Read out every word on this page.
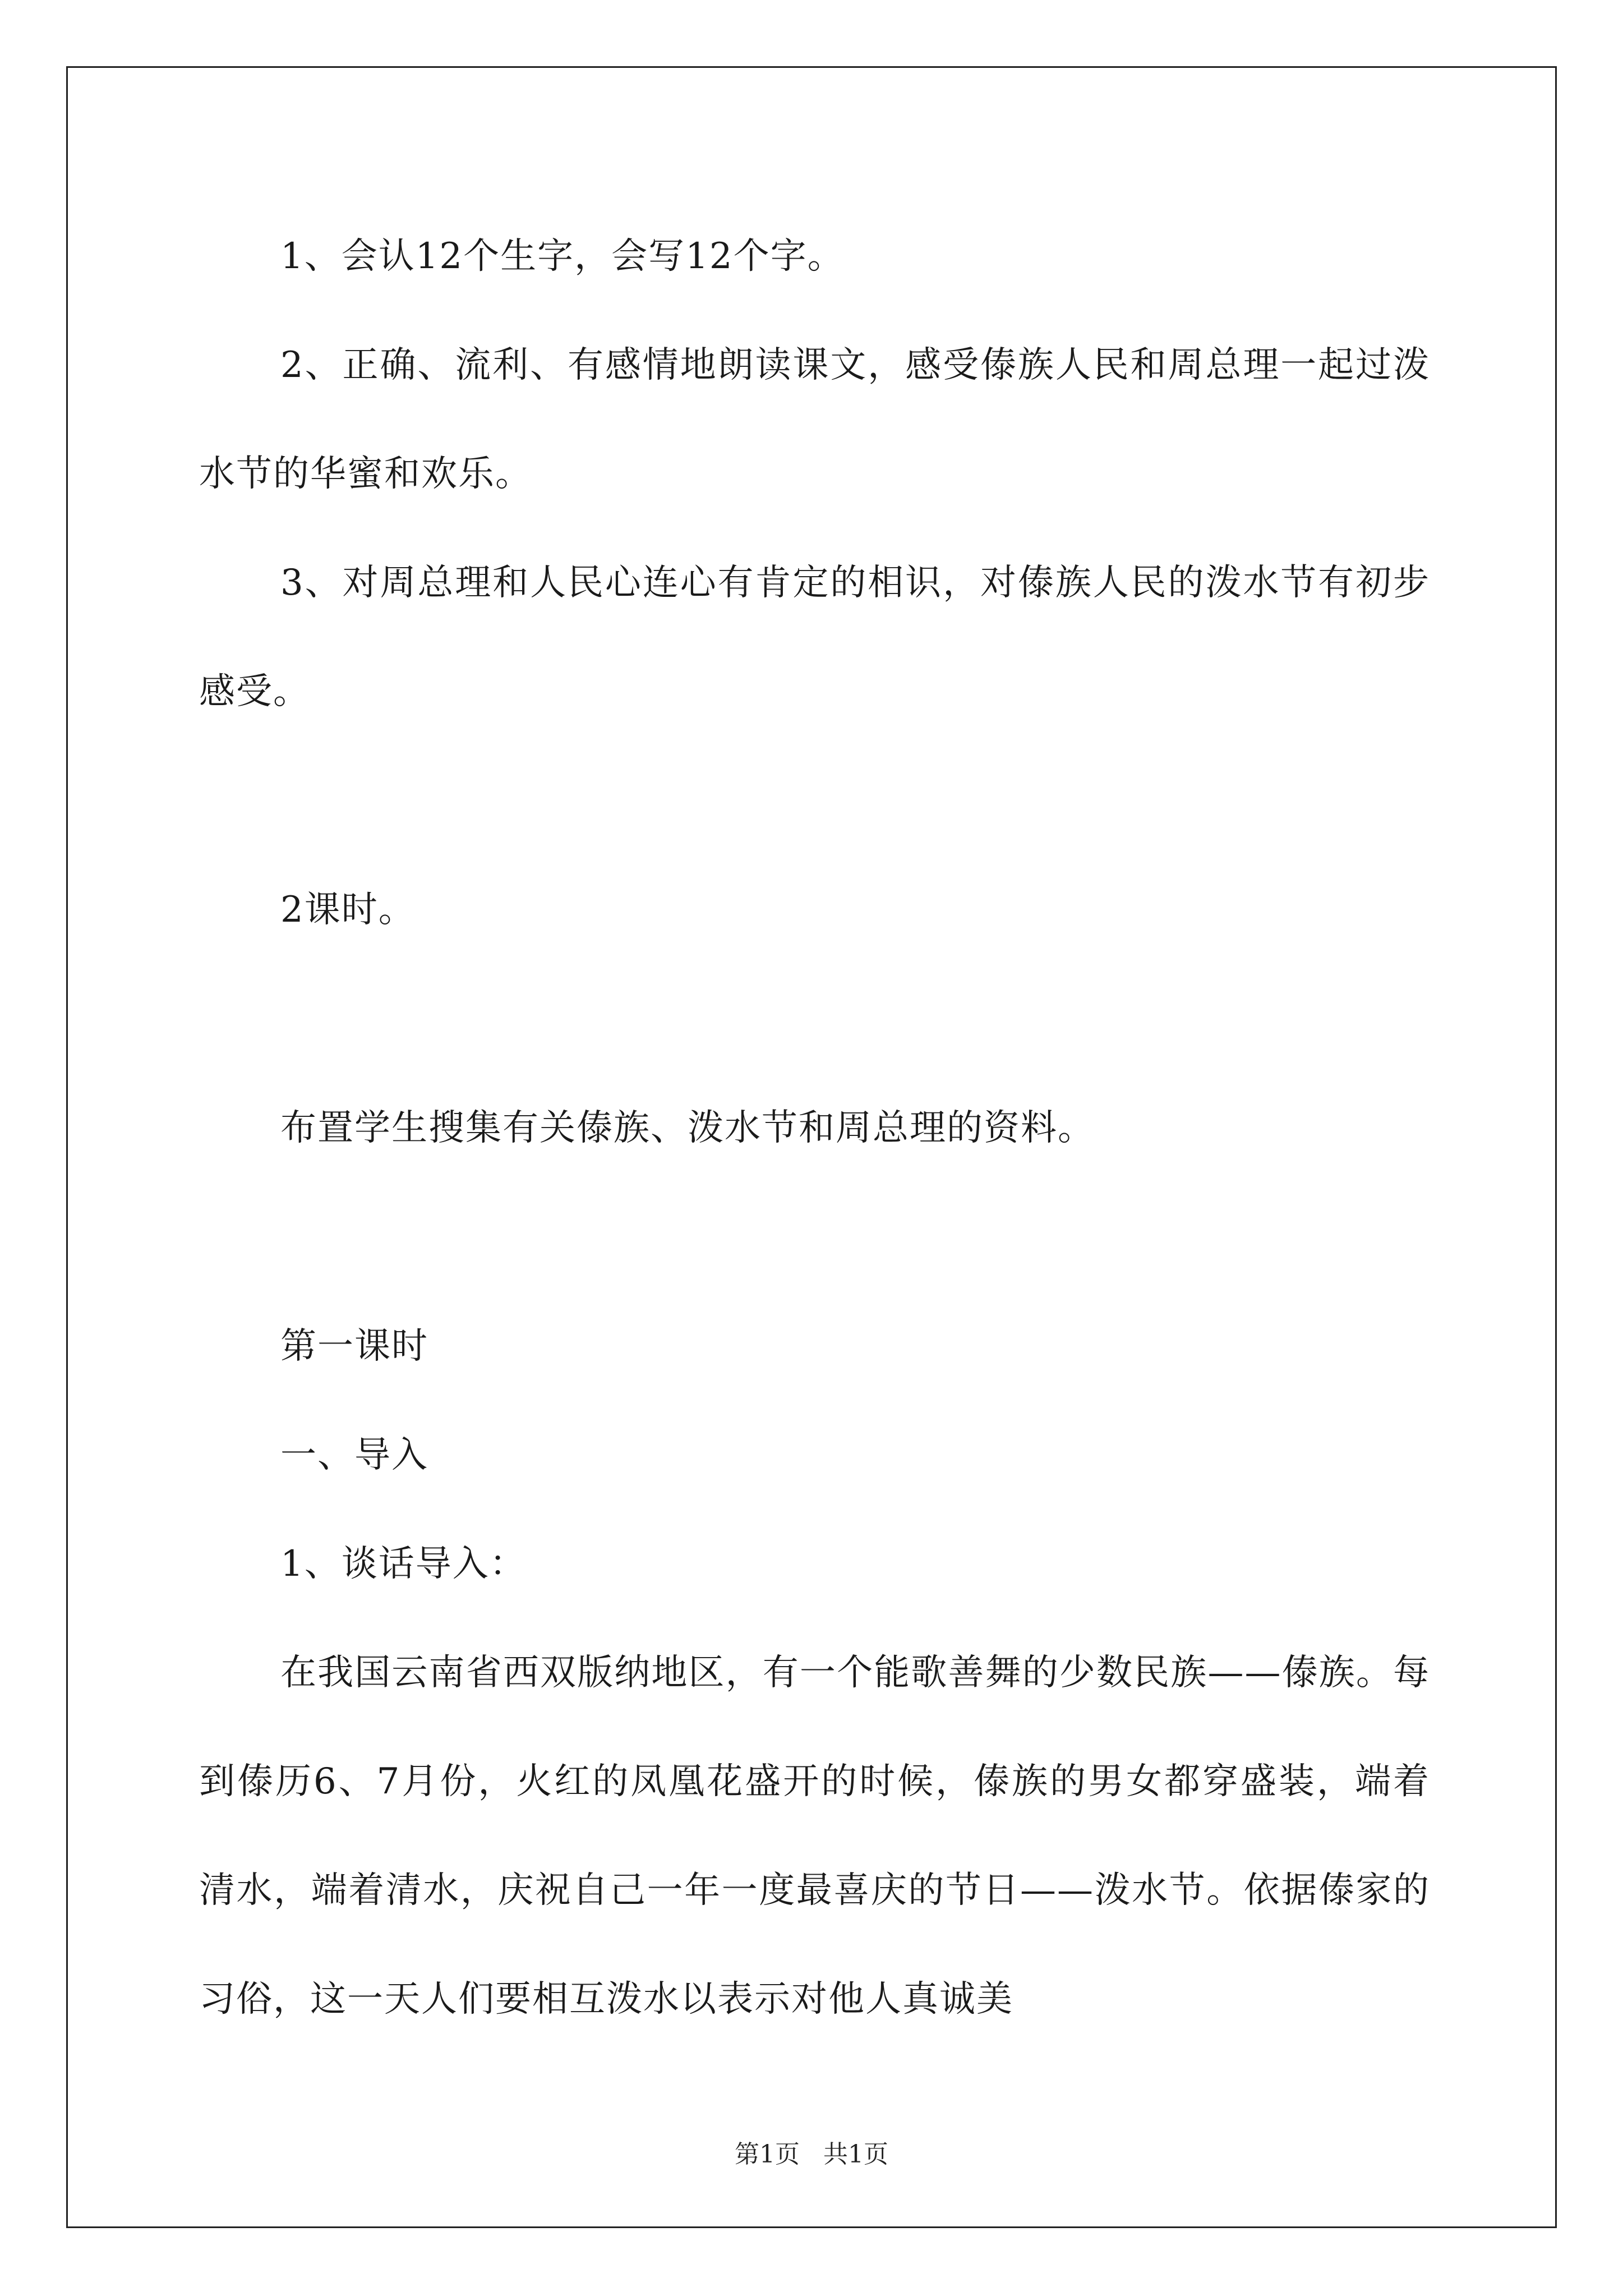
1、会认12个生字，会写12个字。

2、正确、流利、有感情地朗读课文，感受傣族人民和周总理一起过泼水节的华蜜和欢乐。

3、对周总理和人民心连心有肯定的相识，对傣族人民的泼水节有初步感受。

2课时。

布置学生搜集有关傣族、泼水节和周总理的资料。

第一课时

一、导入

1、谈话导入：

在我国云南省西双版纳地区，有一个能歌善舞的少数民族——傣族。每到傣历6、7月份，火红的凤凰花盛开的时候，傣族的男女都穿盛装，端着清水，端着清水，庆祝自己一年一度最喜庆的节日——泼水节。依据傣家的习俗，这一天人们要相互泼水以表示对他人真诚美

第1页 共1页
